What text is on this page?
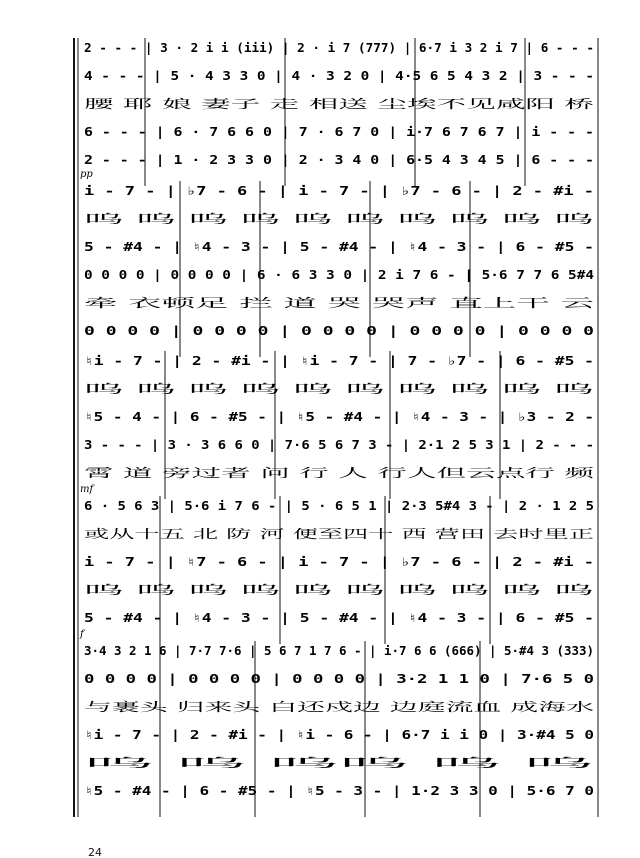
2 - - - | 3 · 2 i i (iii) | 2 · i 7 (777) | 6·7 i 3 2 i 7 | 6 - - -
4 - - - | 5 · 4 3 3 0 | 4 · 3 2 0 | 4·5 6 5 4 3 2 | 3 - - -
腰 耶 娘 妻子 走 相送 尘埃不见咸阳 桥
6 - - - | 6 · 7 6 6 0 | 7 · 6 7 0 | i·7 6 7 6 7 | i - - -
2 - - - | 1 · 2 3 3 0 | 2 · 3 4 0 | 6·5 4 3 4 5 | 6 - - -
pp
i - 7 - | ♭7 - 6 - | i - 7 - | ♭7 - 6 - | 2 - #i -
呜 呜 呜 呜 呜 呜 呜 呜 呜 呜
5 - #4 - | ♮4 - 3 - | 5 - #4 - | ♮4 - 3 - | 6 - #5 -
0 0 0 0 | 0 0 0 0 | 6 · 6 3 3 0 | 2 i 7 6 - | 5·6 7 7 6 5#4
牵 衣顿足 拦 道 哭 哭声 直上干 云
0 0 0 0 | 0 0 0 0 | 0 0 0 0 | 0 0 0 0 | 0 0 0 0
♮i - 7 - | 2 - #i - | ♮i - 7 - | 7 - ♭7 - | 6 - #5 -
呜 呜 呜 呜 呜 呜 呜 呜 呜 呜
♮5 - 4 - | 6 - #5 - | ♮5 - #4 - | ♮4 - 3 - | ♭3 - 2 -
3 - - - | 3 · 3 6 6 0 | 7·6 5 6 7 3 - | 2·1 2 5 3 1 | 2 - - -
霄 道 旁过者 问 行 人 行人但云点行 频
mf
6 · 5 6 3 | 5·6 i 7 6 - | 5 · 6 5 1 | 2·3 5#4 3 - | 2 · 1 2 5
或从十五 北 防 河 便至四十 西 营田 去时里正
i - 7 - | ♮7 - 6 - | i - 7 - | ♭7 - 6 - | 2 - #i -
呜 呜 呜 呜 呜 呜 呜 呜 呜 呜
5 - #4 - | ♮4 - 3 - | 5 - #4 - | ♮4 - 3 - | 6 - #5 -
f
3·4 3 2 1 6 | 7·7 7·6 | 5 6 7 1 7 6 - | i·7 6 6 (666) | 5·#4 3 (333)
0 0 0 0 | 0 0 0 0 | 0 0 0 0 | 3·2 1 1 0 | 7·6 5 0
与裹头 归来头 白还戍边 边庭流血 成海水
♮i - 7 - | 2 - #i - | ♮i - 6 - | 6·7 i i 0 | 3·#4 5 0
呜 呜 呜呜 呜 呜
♮5 - #4 - | 6 - #5 - | ♮5 - 3 - | 1·2 3 3 0 | 5·6 7 0
24
